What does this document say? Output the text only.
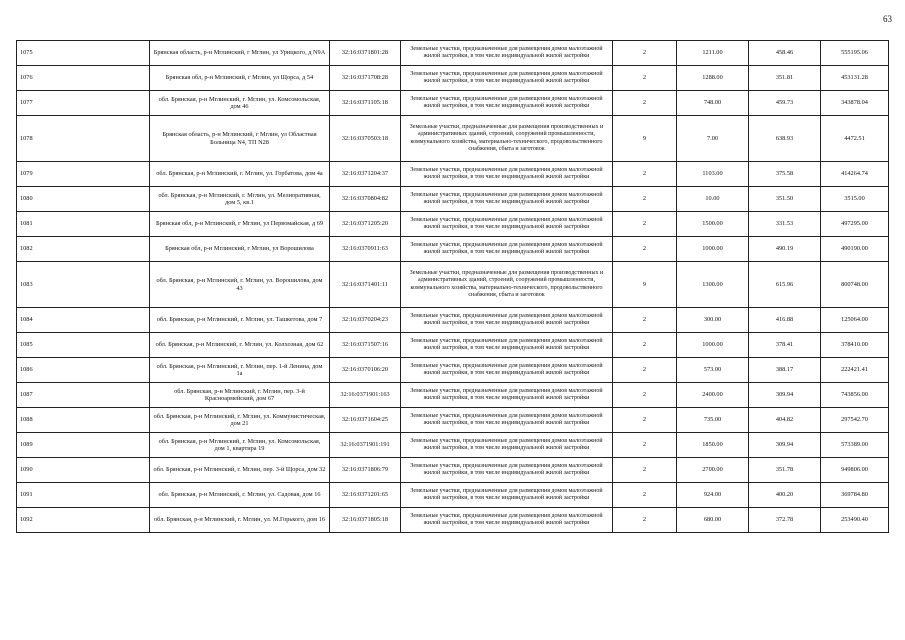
63
1075	Брянская область, р-н Мглинский, г Мглин, ул Урицкого, д N9А	32:16:0371801:28	Земельные участки, предназначенные для размещения домов малоэтажной жилой застройки, в том числе индивидуальной жилой застройки	2	1211.00	458.46	555195.06
1076	Брянская обл, р-н Мглинский, г Мглин, ул Щорса, д 54	32:16:0371708:28	Земельные участки, предназначенные для размещения домов малоэтажной жилой застройки, в том числе индивидуальной жилой застройки	2	1288.00	351.81	453131.28
1077	обл. Брянская, р-н Мглинский, г. Мглин, ул. Комсомольская, дом 46	32:16:0371105:18	Земельные участки, предназначенные для размещения домов малоэтажной жилой застройки, в том числе индивидуальной жилой застройки	2	748.00	459.73	343878.04
1078	Брянская область, р-н Мглинский, г Мглин, ул Областная Больница N4, ТП N28	32:16:0370503:18	Земельные участки, предназначенные для размещения производственных и административных зданий, строений, сооружений промышленности, коммунального хозяйства, материально-технического, продовольственного снабжения, сбыта и заготовок	9	7.00	638.93	4472.51
1079	обл. Брянская, р-н Мглинский, г. Мглин, ул. Горбатова, дом 4а	32:16:0371204:37	Земельные участки, предназначенные для размещения домов малоэтажной жилой застройки, в том числе индивидуальной жилой застройки	2	1103.00	375.58	414264.74
1080	обл. Брянская, р-н Мглинский, г. Мглин, ул. Мелиоративная, дом 5, кв.1	32:16:0370804:82	Земельные участки, предназначенные для размещения домов малоэтажной жилой застройки, в том числе индивидуальной жилой застройки	2	10.00	351.50	3515.00
1081	Брянская обл, р-н Мглинский, г Мглин, ул Первомайская, д 69	32:16:0371205:20	Земельные участки, предназначенные для размещения домов малоэтажной жилой застройки, в том числе индивидуальной жилой застройки	2	1500.00	331.53	497295.00
1082	Брянская обл, р-н Мглинский, г Мглин, ул Ворошилова	32:16:0370911:63	Земельные участки, предназначенные для размещения домов малоэтажной жилой застройки, в том числе индивидуальной жилой застройки	2	1000.00	490.19	490190.00
1083	обл. Брянская, р-н Мглинский, г. Мглин, ул. Ворошилова, дом 43	32:16:0371401:11	Земельные участки, предназначенные для размещения производственных и административных зданий, строений, сооружений промышленности, коммунального хозяйства, материально-технического, продовольственного снабжения, сбыта и заготовок	9	1300.00	615.96	800748.00
1084	обл. Брянская, р-н Мглинский, г. Мглин, ул. Ташкетова, дом 7	32:16:0370204:23	Земельные участки, предназначенные для размещения домов малоэтажной жилой застройки, в том числе индивидуальной жилой застройки	2	300.00	416.88	125064.00
1085	обл. Брянская, р-н Мглинский, г. Мглин, ул. Колхозная, дом 62	32:16:0371507:16	Земельные участки, предназначенные для размещения домов малоэтажной жилой застройки, в том числе индивидуальной жилой застройки	2	1000.00	378.41	378410.00
1086	обл. Брянская, р-н Мглинский, г. Мглин, пер. 1-й Ленина, дом 1а	32:16:0370106:20	Земельные участки, предназначенные для размещения домов малоэтажной жилой застройки, в том числе индивидуальной жилой застройки	2	573.00	388.17	222421.41
1087	обл. Брянская, р-н Мглинский, г. Мглин, пер. 3-й Красноармейский, дом 67	32:16:0371901:163	Земельные участки, предназначенные для размещения домов малоэтажной жилой застройки, в том числе индивидуальной жилой застройки	2	2400.00	309.94	743856.00
1088	обл. Брянская, р-н Мглинский, г. Мглин, ул. Коммунистическая, дом 21	32:16:0371604:25	Земельные участки, предназначенные для размещения домов малоэтажной жилой застройки, в том числе индивидуальной жилой застройки	2	735.00	404.82	297542.70
1089	обл. Брянская, р-н Мглинский, г. Мглин, ул. Комсомольская, дом 1, квартира 19	32:16:0371901:191	Земельные участки, предназначенные для размещения домов малоэтажной жилой застройки, в том числе индивидуальной жилой застройки	2	1850.00	309.94	573389.00
1090	обл. Брянская, р-н Мглинский, г. Мглин, пер. 3-й Щорса, дом 32	32:16:0371806:79	Земельные участки, предназначенные для размещения домов малоэтажной жилой застройки, в том числе индивидуальной жилой застройки	2	2700.00	351.78	949806.00
1091	обл. Брянская, р-н Мглинский, г. Мглин, ул. Садовая, дом 16	32:16:0371201:65	Земельные участки, предназначенные для размещения домов малоэтажной жилой застройки, в том числе индивидуальной жилой застройки	2	924.00	400.20	369784.80
1092	обл. Брянская, р-н Мглинский, г. Мглин, ул. М.Горького, дом 16	32:16:0371805:18	Земельные участки, предназначенные для размещения домов малоэтажной жилой застройки, в том числе индивидуальной жилой застройки	2	680.00	372.78	253490.40
